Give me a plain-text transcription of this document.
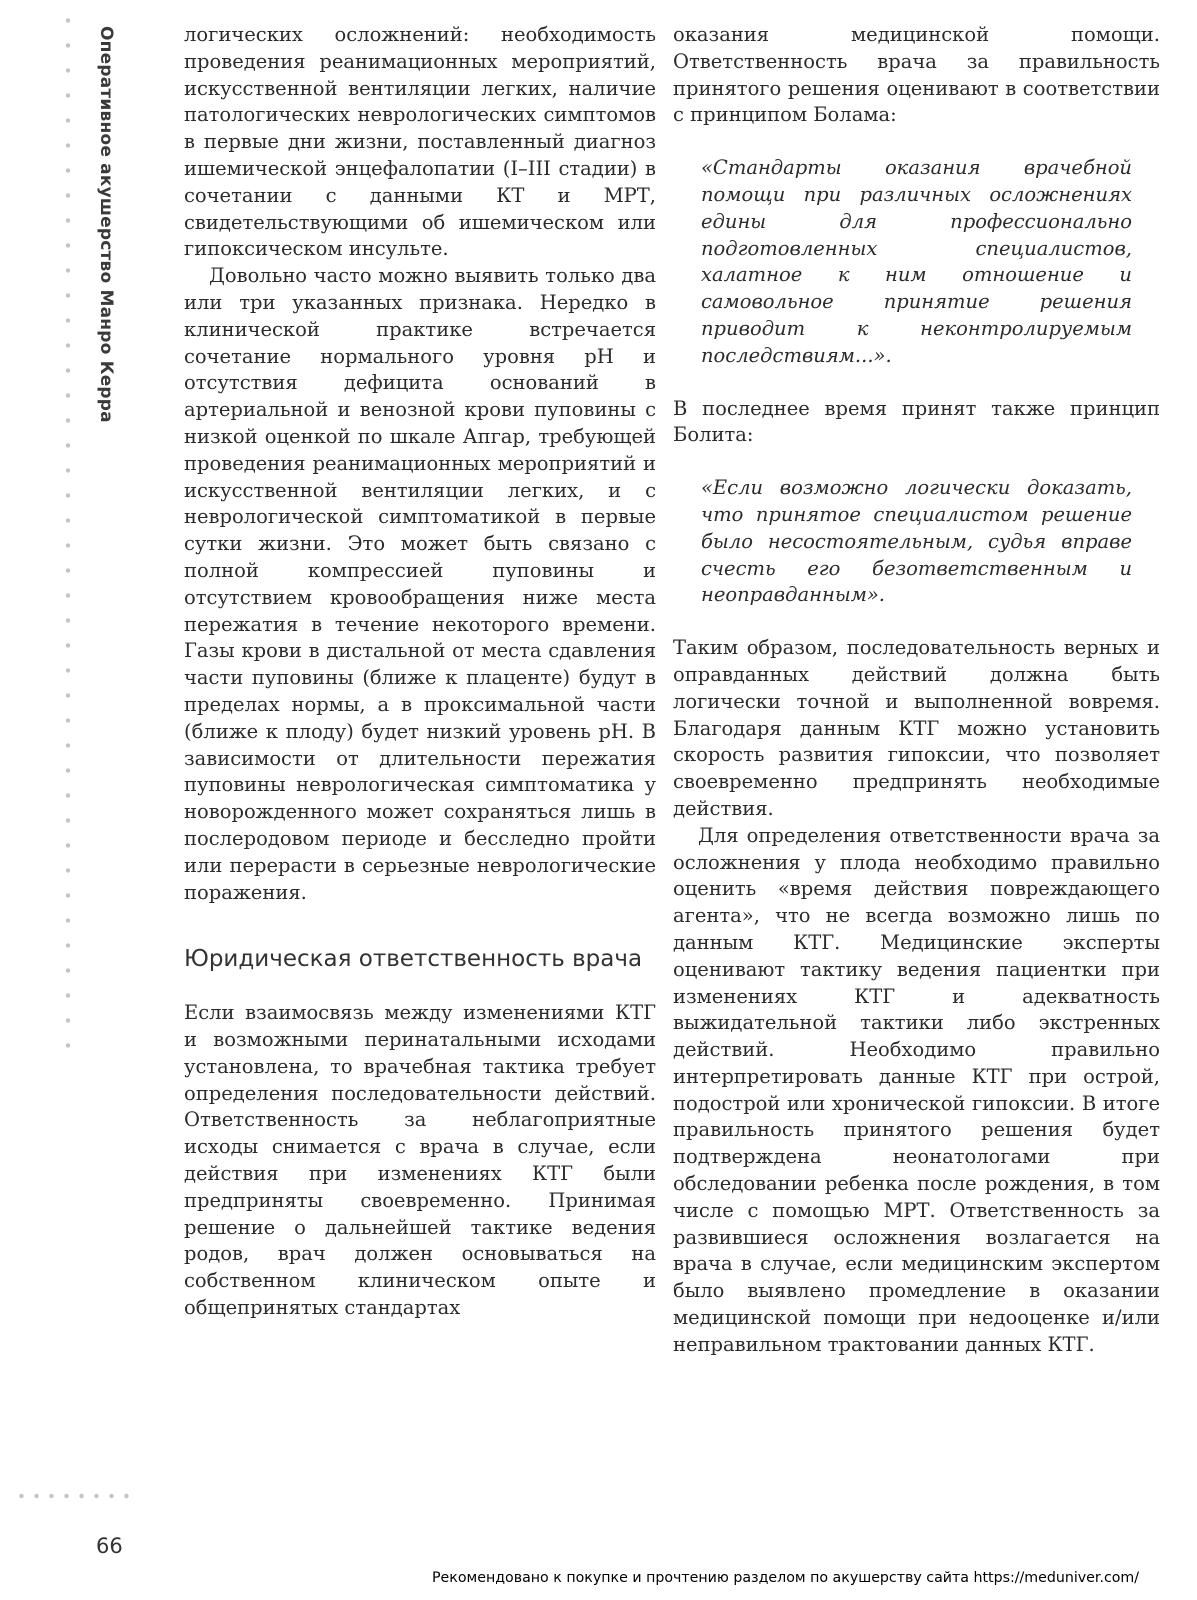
Оперативное акушерство Манро Керра
66

логических осложнений: необходимость проведения реанимационных мероприятий, искусственной вентиляции легких, наличие патологических неврологических симптомов в первые дни жизни, поставленный диагноз ишемической энцефалопатии (I–III стадии) в сочетании с данными КТ и МРТ, свидетельствующими об ишемическом или гипоксическом инсульте.

Довольно часто можно выявить только два или три указанных признака. Нередко в клинической практике встречается сочетание нормального уровня pH и отсутствия дефицита оснований в артериальной и венозной крови пуповины с низкой оценкой по шкале Апгар, требующей проведения реанимационных мероприятий и искусственной вентиляции легких, и с неврологической симптоматикой в первые сутки жизни. Это может быть связано с полной компрессией пуповины и отсутствием кровообращения ниже места пережатия в течение некоторого времени. Газы крови в дистальной от места сдавления части пуповины (ближе к плаценте) будут в пределах нормы, а в проксимальной части (ближе к плоду) будет низкий уровень pH. В зависимости от длительности пережатия пуповины неврологическая симптоматика у новорожденного может сохраняться лишь в послеродовом периоде и бесследно пройти или перерасти в серьезные неврологические поражения.

Юридическая ответственность врача

Если взаимосвязь между изменениями КТГ и возможными перинатальными исходами установлена, то врачебная тактика требует определения последовательности действий. Ответственность за неблагоприятные исходы снимается с врача в случае, если действия при изменениях КТГ были предприняты своевременно. Принимая решение о дальнейшей тактике ведения родов, врач должен основываться на собственном клиническом опыте и общепринятых стандартах

оказания медицинской помощи. Ответственность врача за правильность принятого решения оценивают в соответствии с принципом Болама:

«Стандарты оказания врачебной помощи при различных осложнениях едины для профессионально подготовленных специалистов, халатное к ним отношение и самовольное принятие решения приводит к неконтролируемым последствиям...».

В последнее время принят также принцип Болита:

«Если возможно логически доказать, что принятое специалистом решение было несостоятельным, судья вправе счесть его безответственным и неоправданным».

Таким образом, последовательность верных и оправданных действий должна быть логически точной и выполненной вовремя. Благодаря данным КТГ можно установить скорость развития гипоксии, что позволяет своевременно предпринять необходимые действия.

Для определения ответственности врача за осложнения у плода необходимо правильно оценить «время действия повреждающего агента», что не всегда возможно лишь по данным КТГ. Медицинские эксперты оценивают тактику ведения пациентки при изменениях КТГ и адекватность выжидательной тактики либо экстренных действий. Необходимо правильно интерпретировать данные КТГ при острой, подострой или хронической гипоксии. В итоге правильность принятого решения будет подтверждена неонатологами при обследовании ребенка после рождения, в том числе с помощью МРТ. Ответственность за развившиеся осложнения возлагается на врача в случае, если медицинским экспертом было выявлено промедление в оказании медицинской помощи при недооценке и/или неправильном трактовании данных КТГ.

Рекомендовано к покупке и прочтению разделом по акушерству сайта https://meduniver.com/
